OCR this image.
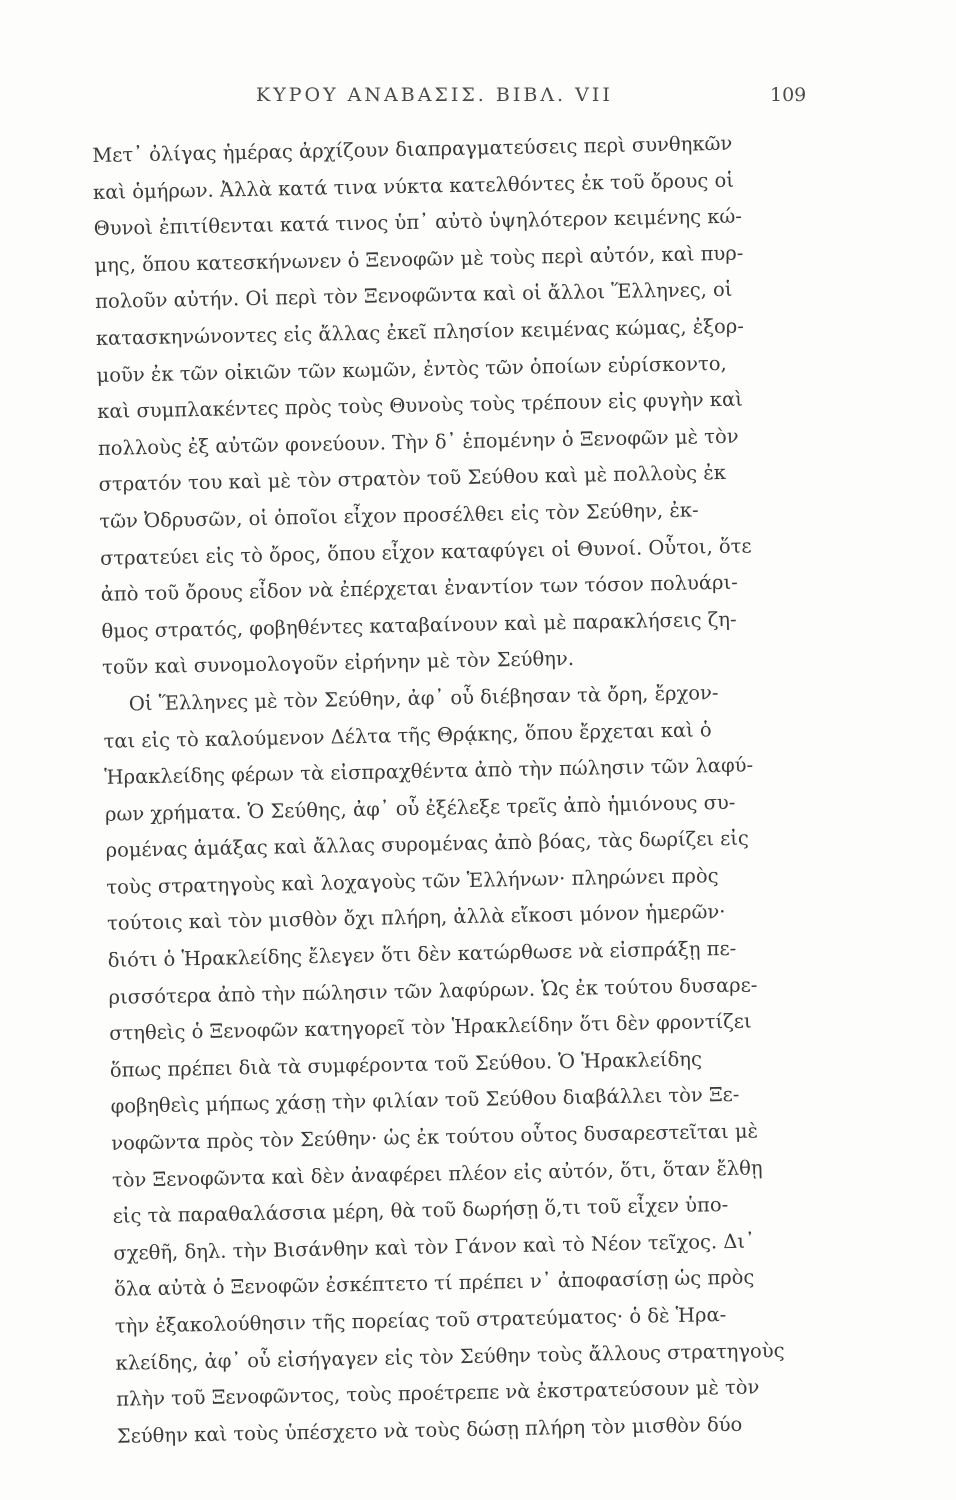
ΚΥΡΟΥ ΑΝΑΒΑΣΙΣ. ΒΙΒΛ. VII	109
Μετ᾽ ὀλίγας ἡμέρας ἀρχίζουν διαπραγματεύσεις περὶ συνθηκῶν
καὶ ὁμήρων. Ἀλλὰ κατά τινα νύκτα κατελθόντες ἐκ τοῦ ὄρους οἱ
Θυνοὶ ἐπιτίθενται κατά τινος ὑπ᾽ αὐτὸ ὑψηλότερον κειμένης κώ-
μης, ὅπου κατεσκήνωνεν ὁ Ξενοφῶν μὲ τοὺς περὶ αὐτόν, καὶ πυρ-
πολοῦν αὐτήν. Οἱ περὶ τὸν Ξενοφῶντα καὶ οἱ ἄλλοι Ἕλληνες, οἱ
κατασκηνώνοντες εἰς ἄλλας ἐκεῖ πλησίον κειμένας κώμας, ἐξορ-
μοῦν ἐκ τῶν οἰκιῶν τῶν κωμῶν, ἐντὸς τῶν ὁποίων εὑρίσκοντο,
καὶ συμπλακέντες πρὸς τοὺς Θυνοὺς τοὺς τρέπουν εἰς φυγὴν καὶ
πολλοὺς ἐξ αὐτῶν φονεύουν. Τὴν δ᾽ ἑπομένην ὁ Ξενοφῶν μὲ τὸν
στρατόν του καὶ μὲ τὸν στρατὸν τοῦ Σεύθου καὶ μὲ πολλοὺς ἐκ
τῶν Ὀδρυσῶν, οἱ ὁποῖοι εἶχον προσέλθει εἰς τὸν Σεύθην, ἐκ-
στρατεύει εἰς τὸ ὄρος, ὅπου εἶχον καταφύγει οἱ Θυνοί. Οὗτοι, ὅτε
ἀπὸ τοῦ ὄρους εἶδον νὰ ἐπέρχεται ἐναντίον των τόσον πολυάρι-
θμος στρατός, φοβηθέντες καταβαίνουν καὶ μὲ παρακλήσεις ζη-
τοῦν καὶ συνομολογοῦν εἰρήνην μὲ τὸν Σεύθην.
Οἱ Ἕλληνες μὲ τὸν Σεύθην, ἀφ᾽ οὗ διέβησαν τὰ ὄρη, ἔρχον-
ται εἰς τὸ καλούμενον Δέλτα τῆς Θρᾴκης, ὅπου ἔρχεται καὶ ὁ
Ἡρακλείδης φέρων τὰ εἰσπραχθέντα ἀπὸ τὴν πώλησιν τῶν λαφύ-
ρων χρήματα. Ὁ Σεύθης, ἀφ᾽ οὗ ἐξέλεξε τρεῖς ἀπὸ ἡμιόνους συ-
ρομένας ἁμάξας καὶ ἄλλας συρομένας ἀπὸ βόας, τὰς δωρίζει εἰς
τοὺς στρατηγοὺς καὶ λοχαγοὺς τῶν Ἑλλήνων· πληρώνει πρὸς
τούτοις καὶ τὸν μισθὸν ὄχι πλήρη, ἀλλὰ εἴκοσι μόνον ἡμερῶν·
διότι ὁ Ἡρακλείδης ἔλεγεν ὅτι δὲν κατώρθωσε νὰ εἰσπράξῃ πε-
ρισσότερα ἀπὸ τὴν πώλησιν τῶν λαφύρων. Ὡς ἐκ τούτου δυσαρε-
στηθεὶς ὁ Ξενοφῶν κατηγορεῖ τὸν Ἡρακλείδην ὅτι δὲν φροντίζει
ὅπως πρέπει διὰ τὰ συμφέροντα τοῦ Σεύθου. Ὁ Ἡρακλείδης
φοβηθεὶς μήπως χάσῃ τὴν φιλίαν τοῦ Σεύθου διαβάλλει τὸν Ξε-
νοφῶντα πρὸς τὸν Σεύθην· ὡς ἐκ τούτου οὗτος δυσαρεστεῖται μὲ
τὸν Ξενοφῶντα καὶ δὲν ἀναφέρει πλέον εἰς αὐτόν, ὅτι, ὅταν ἔλθῃ
εἰς τὰ παραθαλάσσια μέρη, θὰ τοῦ δωρήσῃ ὅ,τι τοῦ εἶχεν ὑπο-
σχεθῆ, δηλ. τὴν Βισάνθην καὶ τὸν Γάνον καὶ τὸ Νέον τεῖχος. Δι᾽
ὅλα αὐτὰ ὁ Ξενοφῶν ἐσκέπτετο τί πρέπει ν᾽ ἀποφασίσῃ ὡς πρὸς
τὴν ἐξακολούθησιν τῆς πορείας τοῦ στρατεύματος· ὁ δὲ Ἡρα-
κλείδης, ἀφ᾽ οὗ εἰσήγαγεν εἰς τὸν Σεύθην τοὺς ἄλλους στρατηγοὺς
πλὴν τοῦ Ξενοφῶντος, τοὺς προέτρεπε νὰ ἐκστρατεύσουν μὲ τὸν
Σεύθην καὶ τοὺς ὑπέσχετο νὰ τοὺς δώσῃ πλήρη τὸν μισθὸν δύο
